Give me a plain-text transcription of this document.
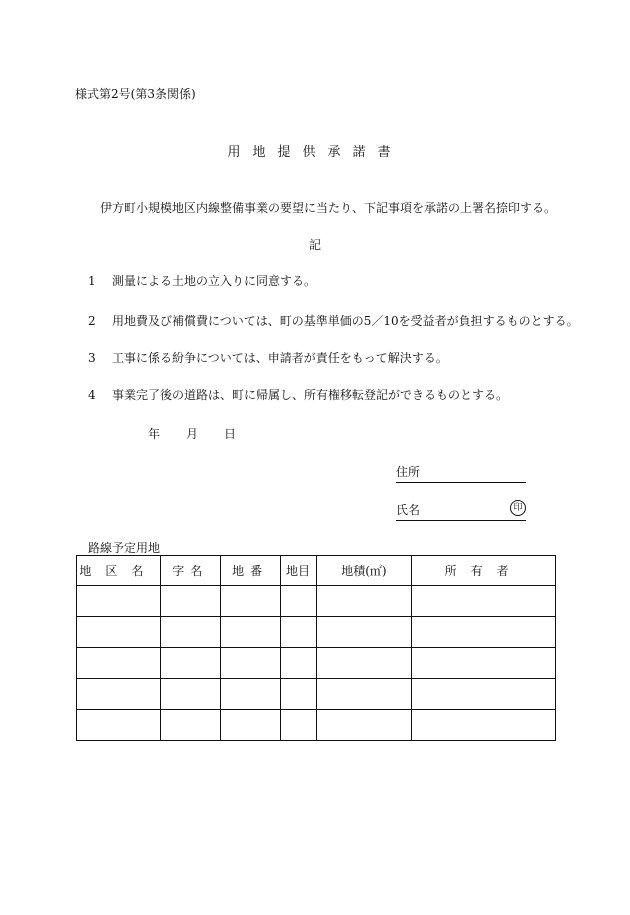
様式第2号(第3条関係)
用地提供承諾書
伊方町小規模地区内線整備事業の要望に当たり、下記事項を承諾の上署名捺印する。
記
1 測量による土地の立入りに同意する。
2 用地費及び補償費については、町の基準単価の5／10を受益者が負担するものとする。
3 工事に係る紛争については、申請者が責任をもって解決する。
4 事業完了後の道路は、町に帰属し、所有権移転登記ができるものとする。
年 月 日
住所
氏名	印
路線予定用地
地区名	字名	地番	地目	地積(㎡)	所有者
